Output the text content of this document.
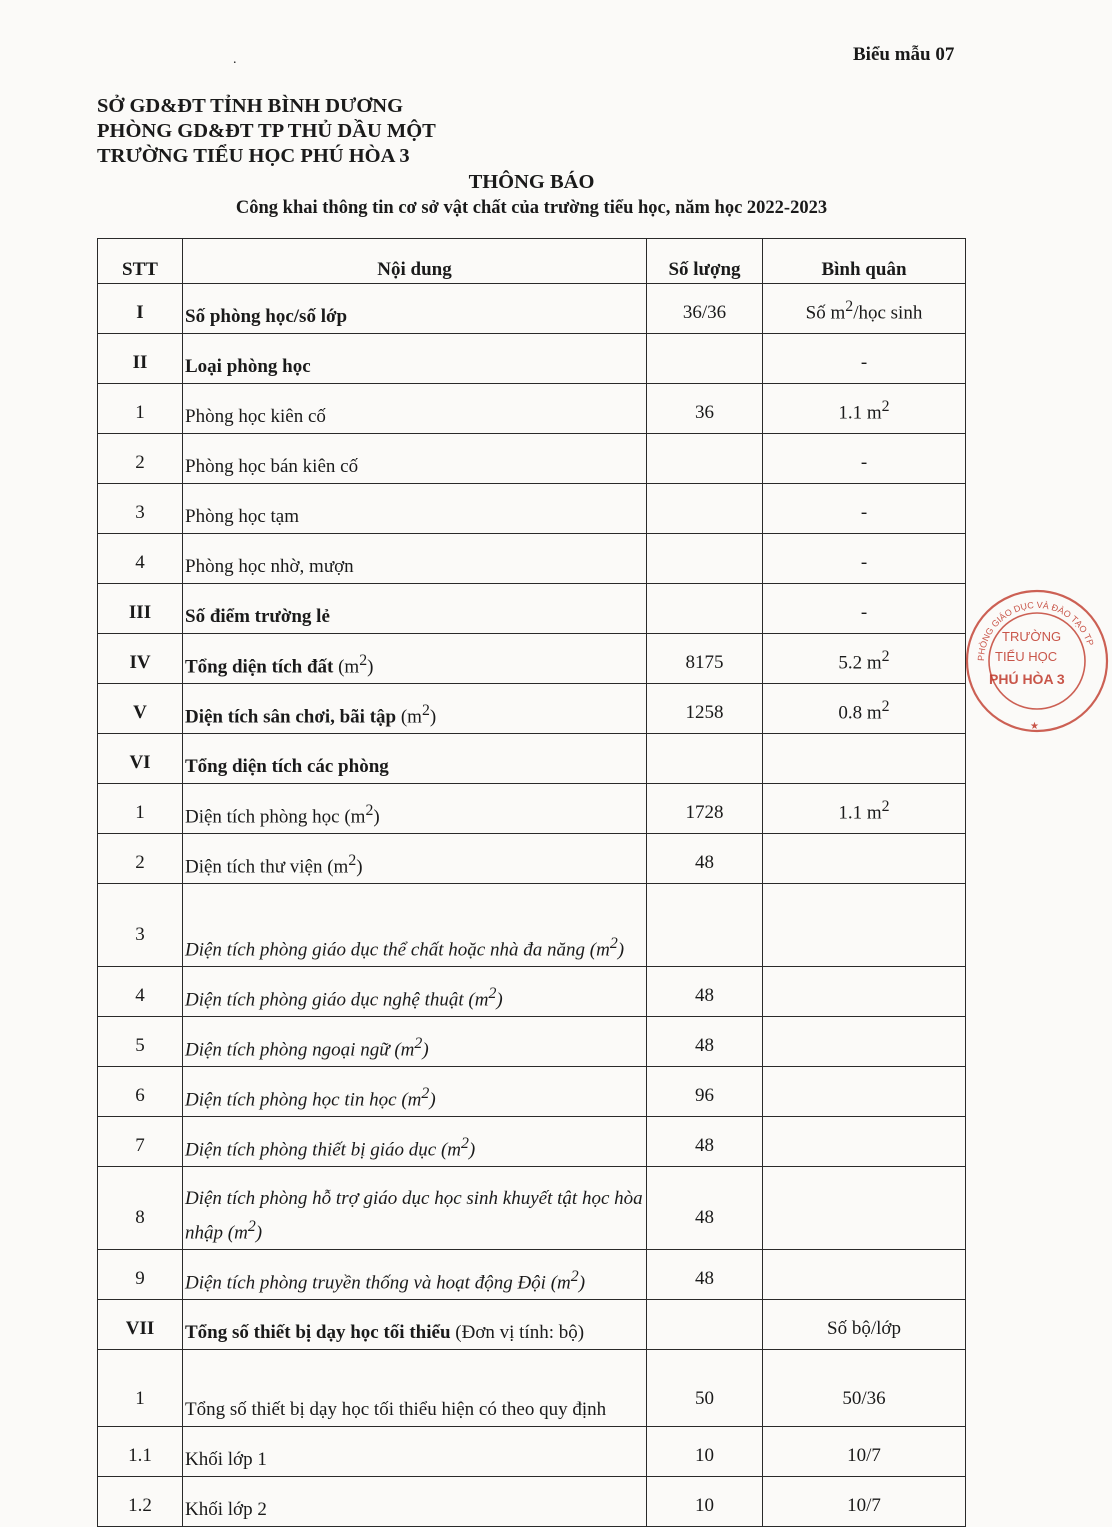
.	Biểu mẫu 07
SỞ GD&ĐT TỈNH BÌNH DƯƠNG
PHÒNG GD&ĐT TP THỦ DẦU MỘT
TRƯỜNG TIỂU HỌC PHÚ HÒA 3
THÔNG BÁO
Công khai thông tin cơ sở vật chất của trường tiểu học, năm học 2022-2023
STT	Nội dung	Số lượng	Bình quân
I	Số phòng học/số lớp	36/36	Số $m^2$/học sinh
II	Loại phòng học		-
1	Phòng học kiên cố	36	1.1 $m^2$
2	Phòng học bán kiên cố		-
3	Phòng học tạm		-
4	Phòng học nhờ, mượn		-
III	Số điểm trường lẻ		-
IV	Tổng diện tích đất $(m^2)$	8175	5.2 $m^2$
V	Diện tích sân chơi, bãi tập $(m^2)$	1258	0.8 $m^2$
VI	Tổng diện tích các phòng		
1	Diện tích phòng học $(m^2)$	1728	1.1 $m^2$
2	Diện tích thư viện $(m^2)$	48	
3	Diện tích phòng giáo dục thể chất hoặc nhà đa năng $(m^2)$		
4	Diện tích phòng giáo dục nghệ thuật $(m^2)$	48	
5	Diện tích phòng ngoại ngữ $(m^2)$	48	
6	Diện tích phòng học tin học $(m^2)$	96	
7	Diện tích phòng thiết bị giáo dục $(m^2)$	48	
8	Diện tích phòng hỗ trợ giáo dục học sinh khuyết tật học hòa nhập $(m^2)$	48	
9	Diện tích phòng truyền thống và hoạt động Đội $(m^2)$	48	
VII	Tổng số thiết bị dạy học tối thiểu (Đơn vị tính: bộ)		Số bộ/lớp
1	Tổng số thiết bị dạy học tối thiểu hiện có theo quy định	50	50/36
1.1	Khối lớp 1	10	10/7
1.2	Khối lớp 2	10	10/7
PHÒNG GIÁO DỤC VÀ ĐÀO TẠO TP
TRƯỜNG
TIỂU HỌC
PHÚ HÒA 3
★
